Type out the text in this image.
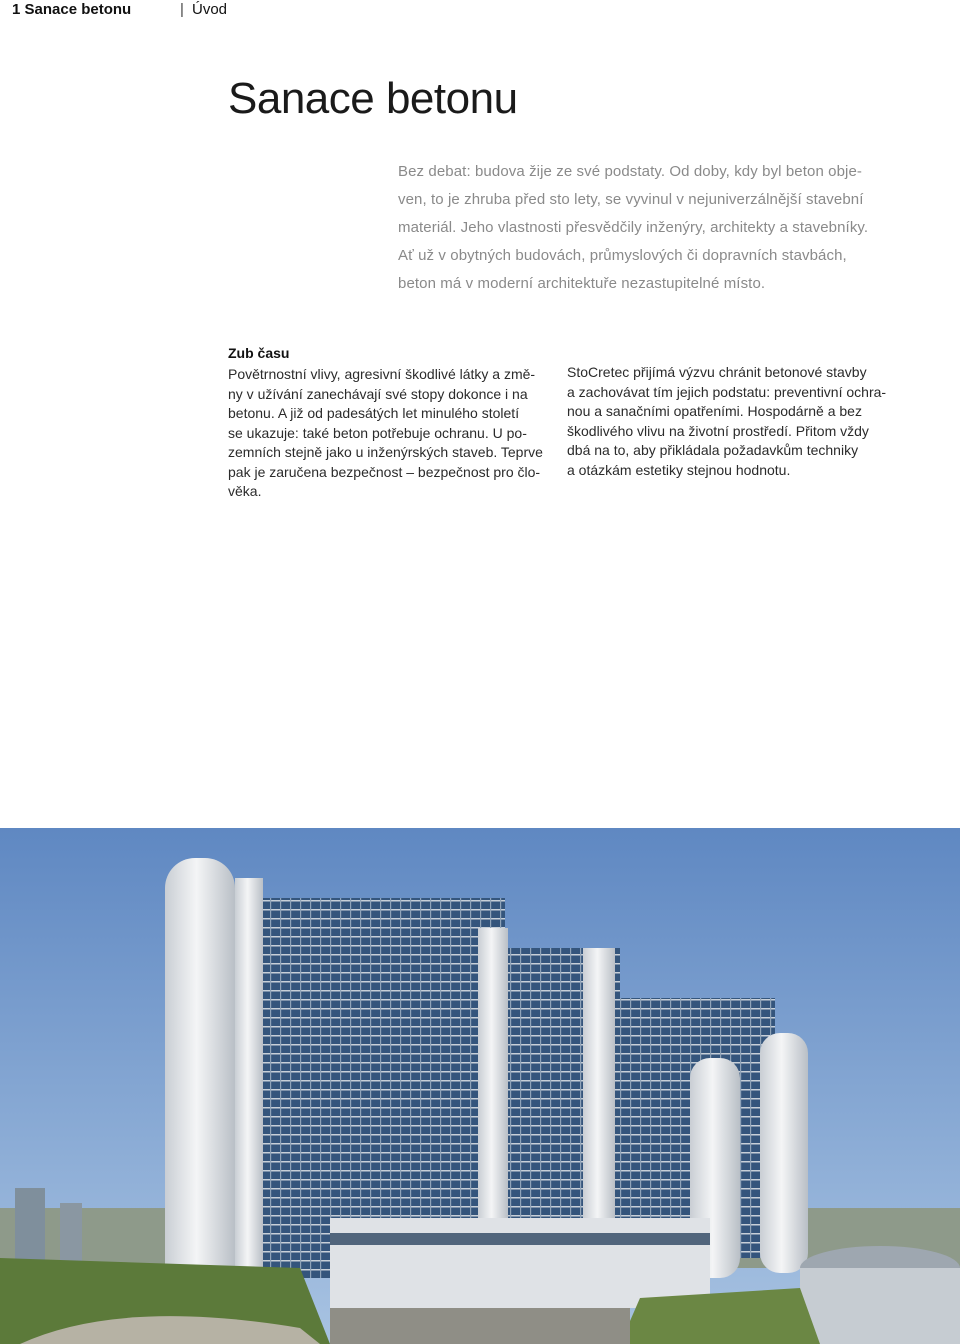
1 Sanace betonu	| Úvod
Sanace betonu

Bez debat: budova žije ze své podstaty. Od doby, kdy byl beton obje-
ven, to je zhruba před sto lety, se vyvinul v nejuniverzálnější stavební
materiál. Jeho vlastnosti přesvědčily inženýry, architekty a stavebníky.
Ať už v obytných budovách, průmyslových či dopravních stavbách,
beton má v moderní architektuře nezastupitelné místo.

Zub času
Povětrnostní vlivy, agresivní škodlivé látky a změ-
ny v užívání zanechávají své stopy dokonce i na
betonu. A již od padesátých let minulého století
se ukazuje: také beton potřebuje ochranu. U po-
zemních stejně jako u inženýrských staveb. Teprve
pak je zaručena bezpečnost – bezpečnost pro člo-
věka.
StoCretec přijímá výzvu chránit betonové stavby
a zachovávat tím jejich podstatu: preventivní ochra-
nou a sanačními opatřeními. Hospodárně a bez
škodlivého vlivu na životní prostředí. Přitom vždy
dbá na to, aby přikládala požadavkům techniky
a otázkám estetiky stejnou hodnotu.
